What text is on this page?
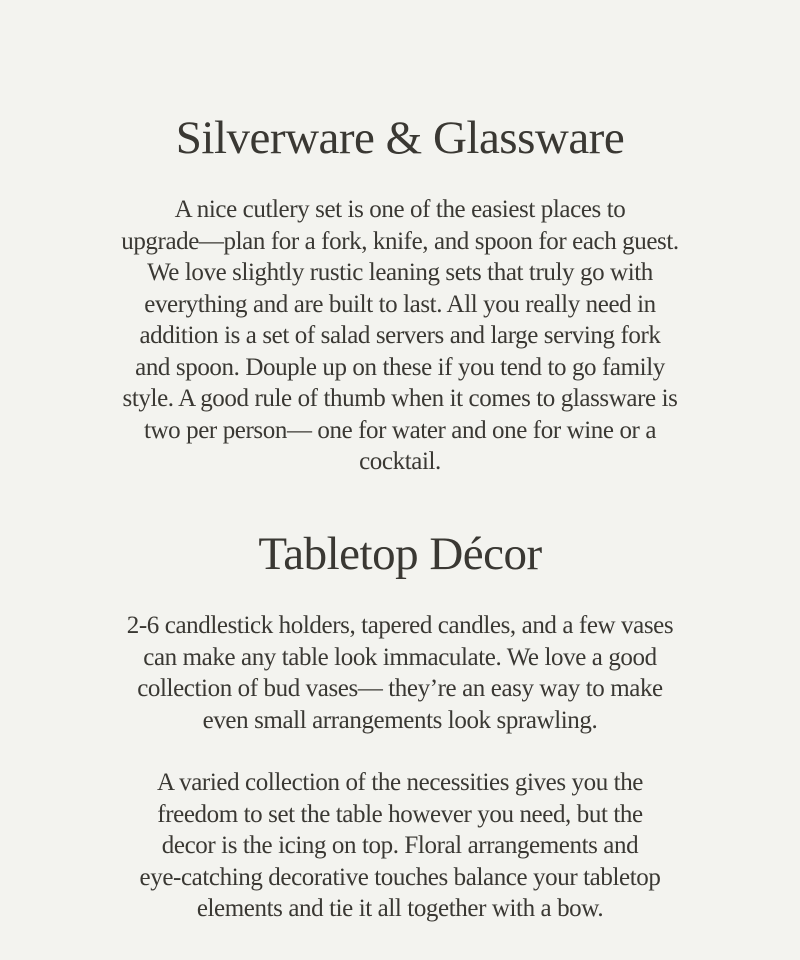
Silverware & Glassware
A nice cutlery set is one of the easiest places to
upgrade—plan for a fork, knife, and spoon for each guest.
We love slightly rustic leaning sets that truly go with
everything and are built to last. All you really need in
addition is a set of salad servers and large serving fork
and spoon. Douple up on these if you tend to go family
style. A good rule of thumb when it comes to glassware is
two per person— one for water and one for wine or a
cocktail.
Tabletop Décor
2-6 candlestick holders, tapered candles, and a few vases
can make any table look immaculate. We love a good
collection of bud vases— they’re an easy way to make
even small arrangements look sprawling.
A varied collection of the necessities gives you the
freedom to set the table however you need, but the
decor is the icing on top. Floral arrangements and
eye-catching decorative touches balance your tabletop
elements and tie it all together with a bow.
